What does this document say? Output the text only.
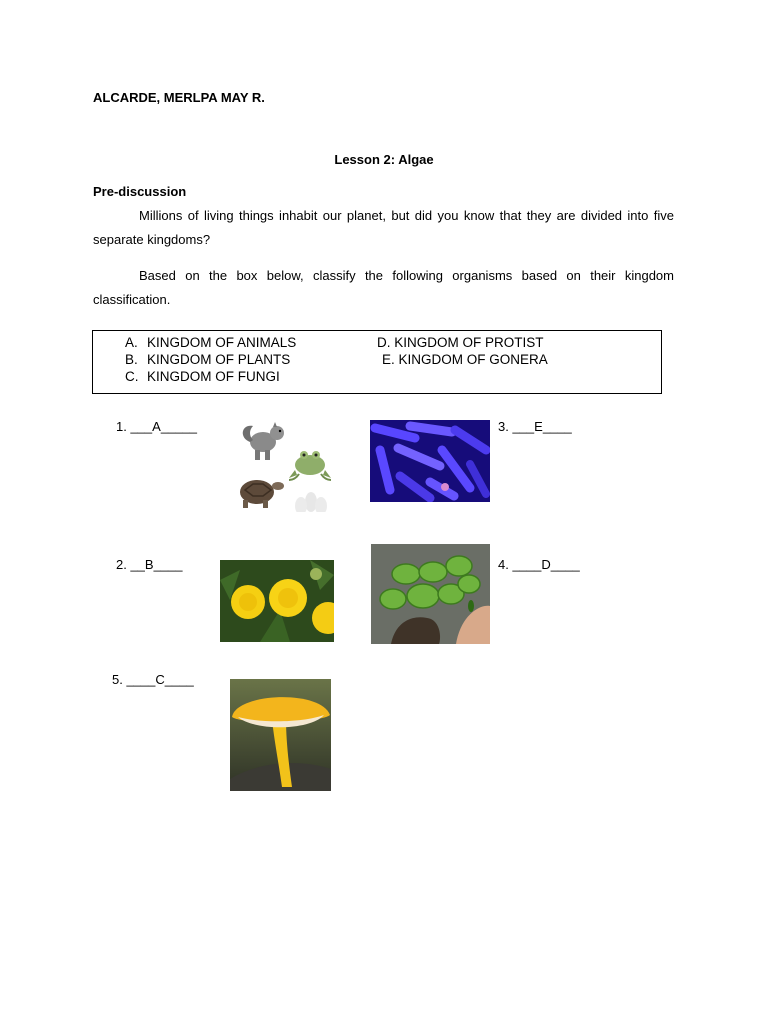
ALCARDE, MERLPA MAY R.
Lesson 2: Algae
Pre-discussion
Millions of living things inhabit our planet, but did you know that they are divided into five separate kingdoms?
Based on the box below, classify the following organisms based on their kingdom classification.
A. KINGDOM OF ANIMALS
B. KINGDOM OF PLANTS
C. KINGDOM OF FUNGI
D. KINGDOM OF PROTIST
E. KINGDOM OF GONERA
1. ___A_____	3. ___E____
2. __B____	4. ____D____
5. ____C____
